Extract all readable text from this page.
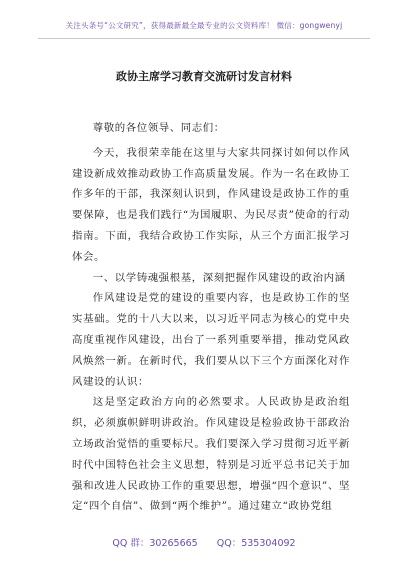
关注头条号“公文研究”，获得最新最全最专业的公文资料库！ 微信：gongwenyj
政协主席学习教育交流研讨发言材料

尊敬的各位领导、同志们：

今天，我很荣幸能在这里与大家共同探讨如何以作风建设新成效推动政协工作高质量发展。作为一名在政协工作多年的干部，我深刻认识到，作风建设是政协工作的重要保障，也是我们践行“为国履职、为民尽责”使命的行动指南。下面，我结合政协工作实际，从三个方面汇报学习体会。

一、以学铸魂强根基，深刻把握作风建设的政治内涵

作风建设是党的建设的重要内容，也是政协工作的坚实基础。党的十八大以来，以习近平同志为核心的党中央高度重视作风建设，出台了一系列重要举措，推动党风政风焕然一新。在新时代，我们要从以下三个方面深化对作风建设的认识：

这是坚定政治方向的必然要求。人民政协是政治组织，必须旗帜鲜明讲政治。作风建设是检验政协干部政治立场政治觉悟的重要标尺。我们要深入学习贯彻习近平新时代中国特色社会主义思想，特别是习近平总书记关于加强和改进人民政协工作的重要思想，增强“四个意识”、坚定“四个自信”、做到“两个维护”。通过建立“政协党组

QQ 群：30265665 QQ：535304092
